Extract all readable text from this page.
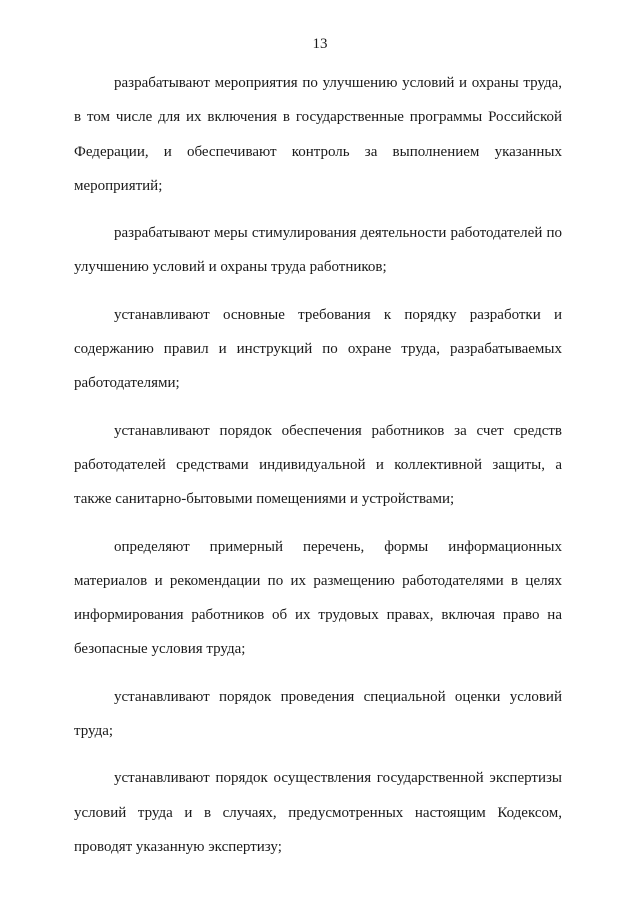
13

разрабатывают мероприятия по улучшению условий и охраны труда, в том числе для их включения в государственные программы Российской Федерации, и обеспечивают контроль за выполнением указанных мероприятий;

разрабатывают меры стимулирования деятельности работодателей по улучшению условий и охраны труда работников;

устанавливают основные требования к порядку разработки и содержанию правил и инструкций по охране труда, разрабатываемых работодателями;

устанавливают порядок обеспечения работников за счет средств работодателей средствами индивидуальной и коллективной защиты, а также санитарно-бытовыми помещениями и устройствами;

определяют примерный перечень, формы информационных материалов и рекомендации по их размещению работодателями в целях информирования работников об их трудовых правах, включая право на безопасные условия труда;

устанавливают порядок проведения специальной оценки условий труда;

устанавливают порядок осуществления государственной экспертизы условий труда и в случаях, предусмотренных настоящим Кодексом, проводят указанную экспертизу;
